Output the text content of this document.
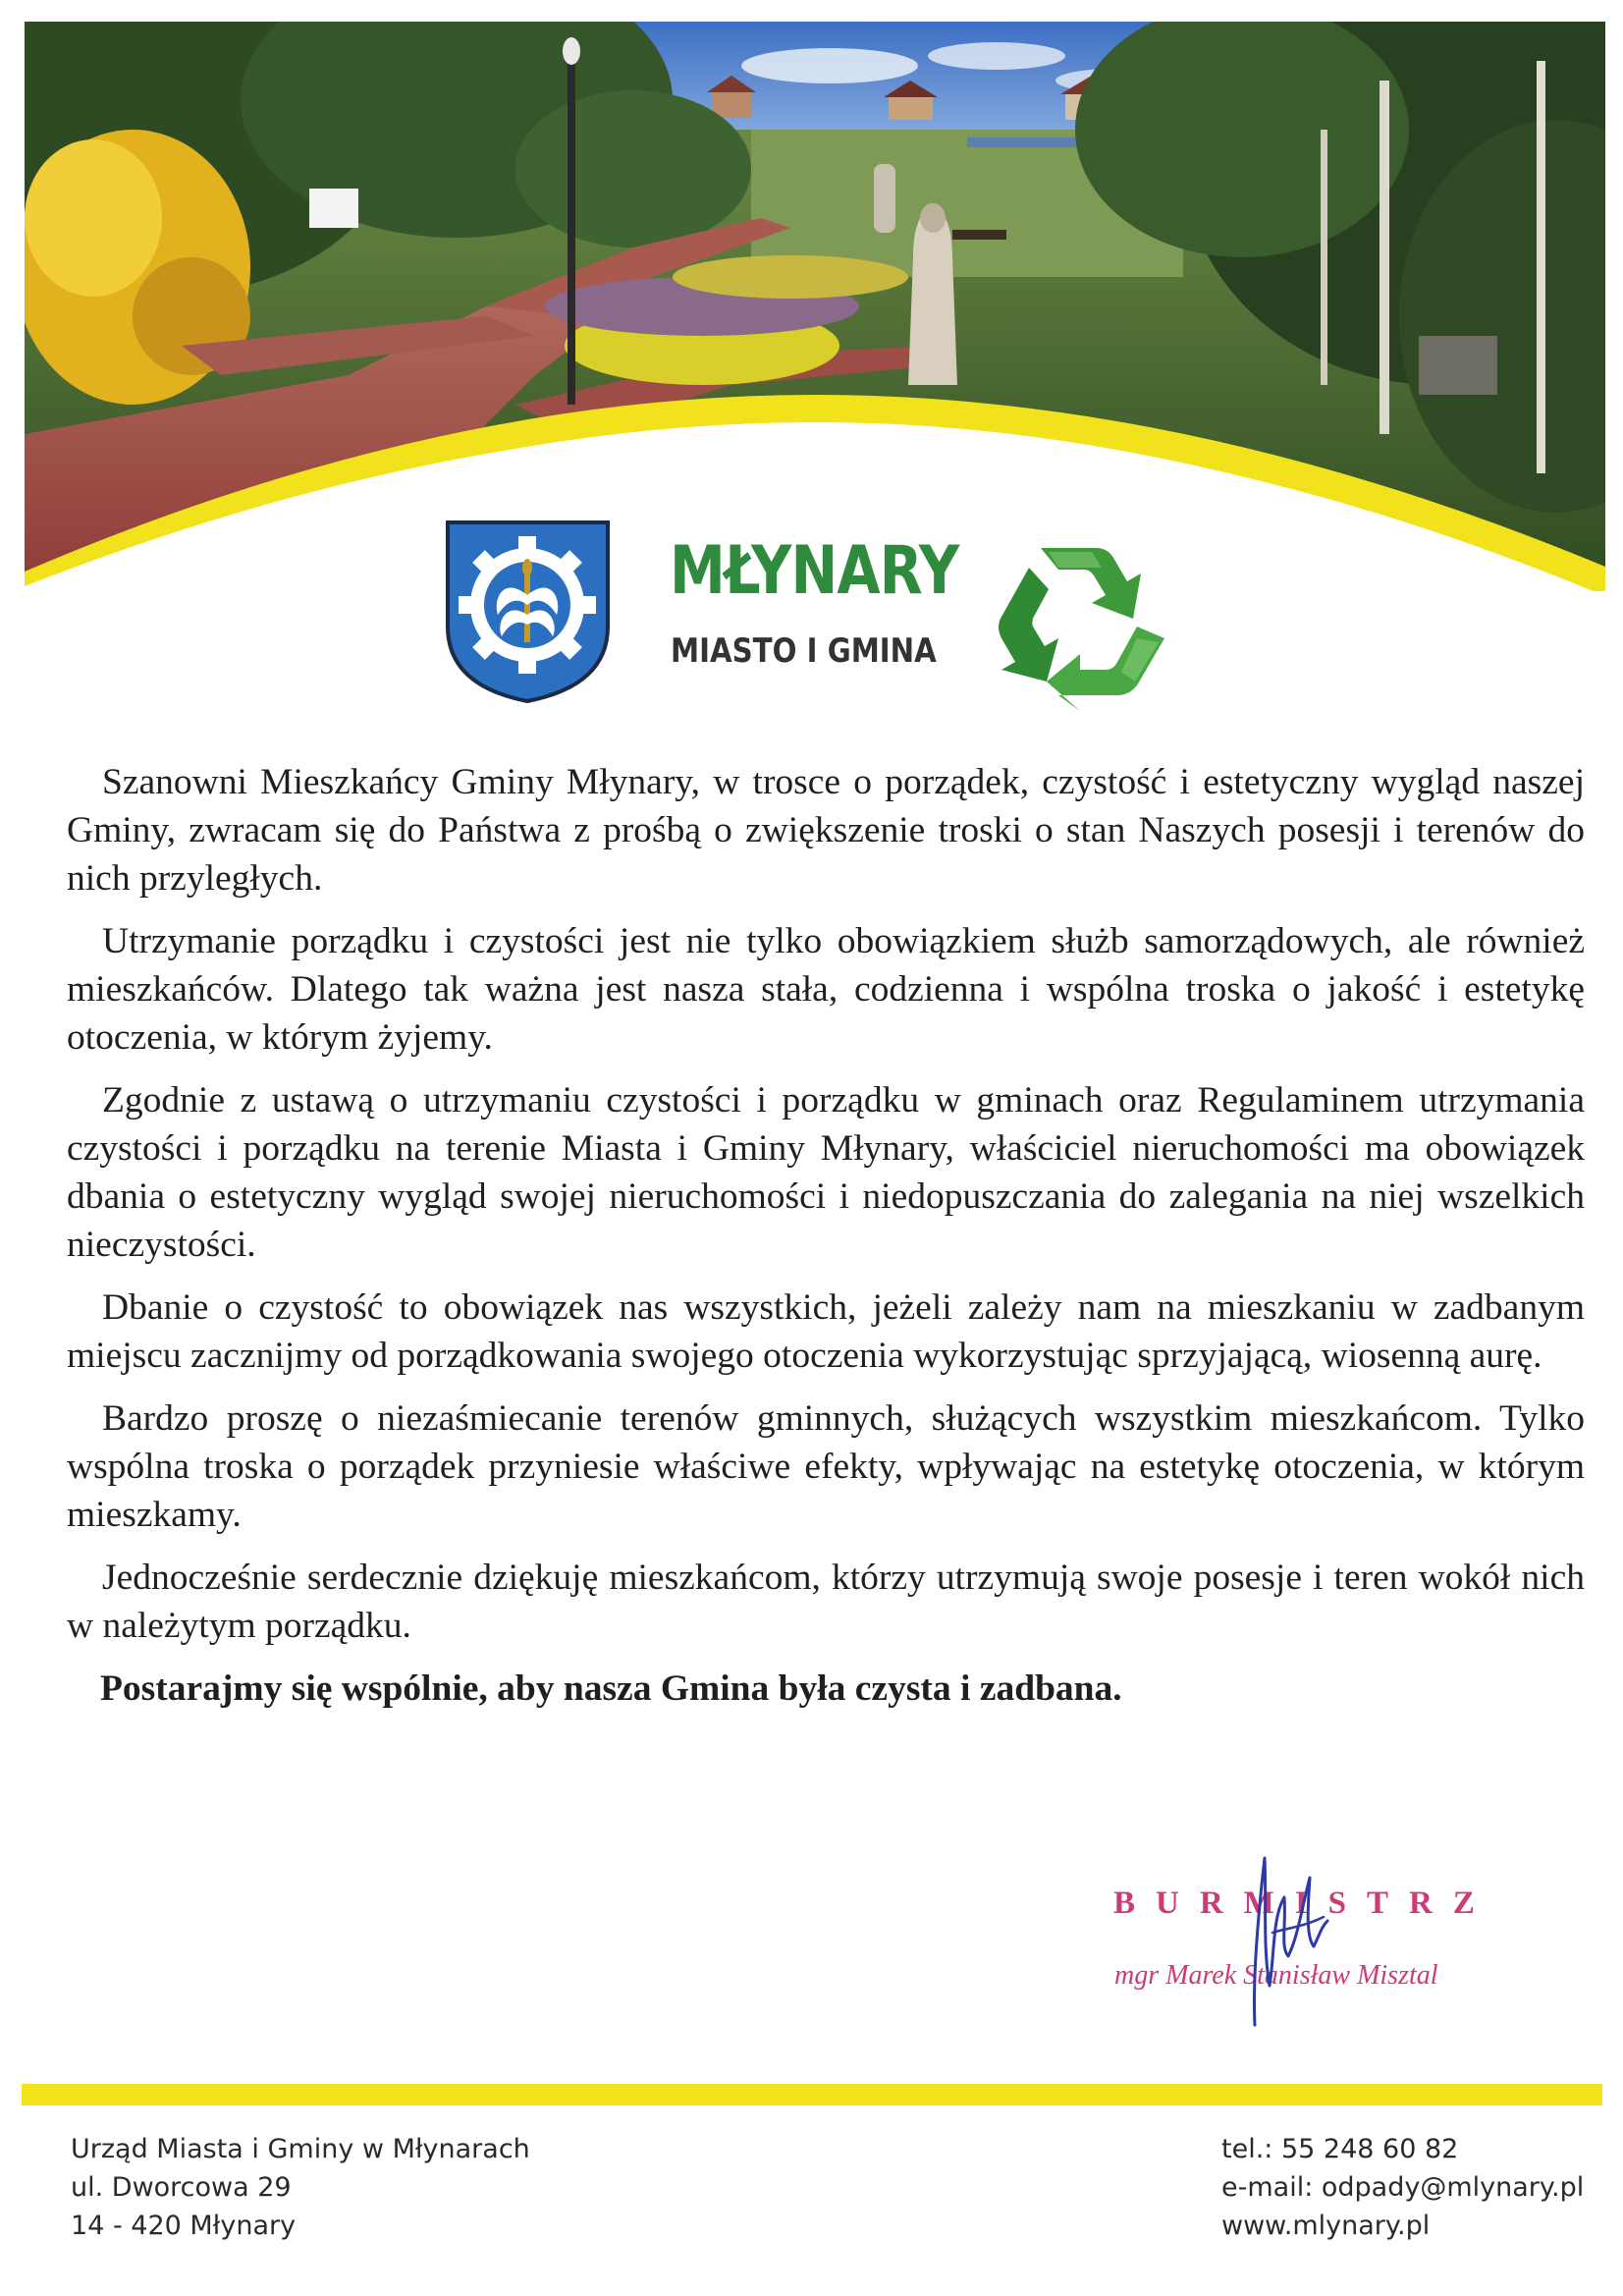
MŁYNARY
MIASTO I GMINA

Szanowni Mieszkańcy Gminy Młynary, w trosce o porządek, czystość i estetyczny wygląd naszej Gminy, zwracam się do Państwa z prośbą o zwiększenie troski o stan Naszych posesji i terenów do nich przyległych.

Utrzymanie porządku i czystości jest nie tylko obowiązkiem służb samorządowych, ale również mieszkańców. Dlatego tak ważna jest nasza stała, codzienna i wspólna troska o jakość i estetykę otoczenia, w którym żyjemy.

Zgodnie z ustawą o utrzymaniu czystości i porządku w gminach oraz Regulaminem utrzymania czystości i porządku na terenie Miasta i Gminy Młynary, właściciel nieruchomości ma obowiązek dbania o estetyczny wygląd swojej nieruchomości i niedopuszczania do zalegania na niej wszelkich nieczystości.

Dbanie o czystość to obowiązek nas wszystkich, jeżeli zależy nam na mieszkaniu w zadbanym miejscu zacznijmy od porządkowania swojego otoczenia wykorzystując sprzyjającą, wiosenną aurę.

Bardzo proszę o niezaśmiecanie terenów gminnych, służących wszystkim mieszkańcom. Tylko wspólna troska o porządek przyniesie właściwe efekty, wpływając na estetykę otoczenia, w którym mieszkamy.

Jednocześnie serdecznie dziękuję mieszkańcom, którzy utrzymują swoje posesje i teren wokół nich w należytym porządku.

Postarajmy się wspólnie, aby nasza Gmina była czysta i zadbana.

BURMISTRZ
mgr Marek Stanisław Misztal
Urząd Miasta i Gminy w Młynarach
ul. Dworcowa 29
14 - 420 Młynary
tel.: 55 248 60 82
e-mail: odpady@mlynary.pl
www.mlynary.pl
